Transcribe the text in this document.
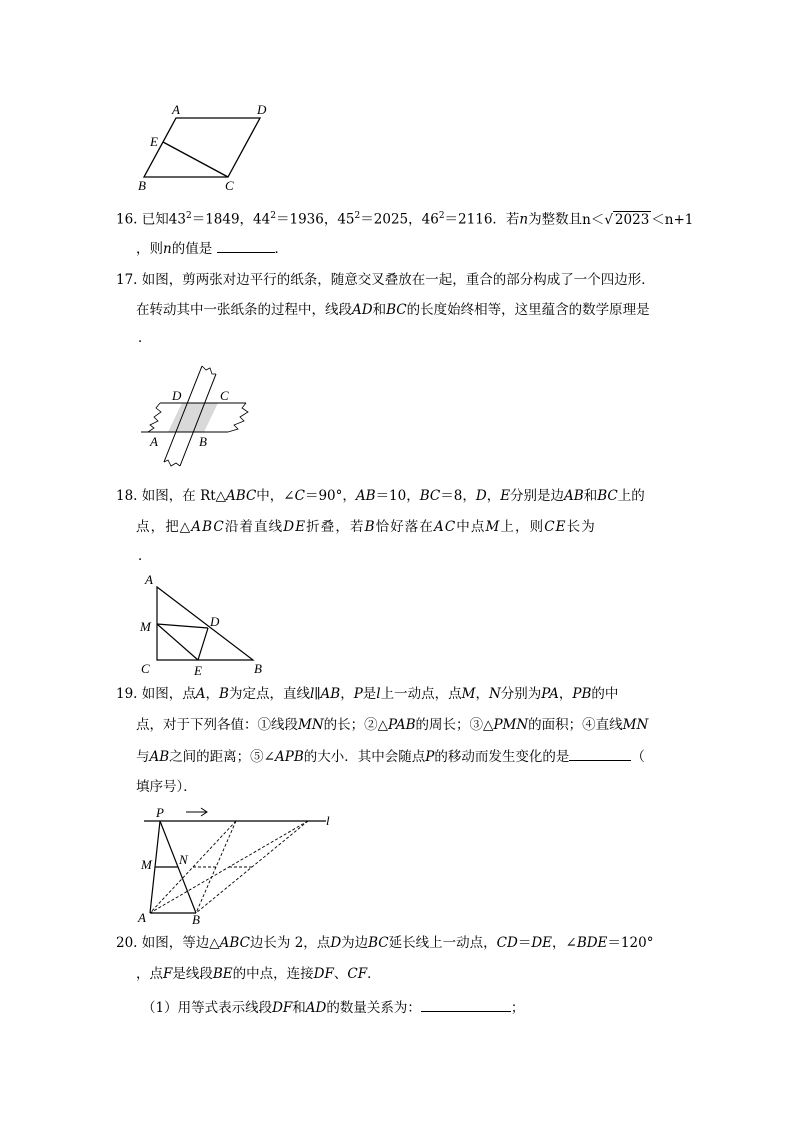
A	D
E
B	C
16. 已知$43^2=1849$，$44^2=1936$，$45^2=2025$，$46^2=2116$．若n为整数且n＜√ 2023 ＜n+1
，则n的值是	．
17. 如图，剪两张对边平行的纸条，随意交叉叠放在一起，重合的部分构成了一个四边形．
在转动其中一张纸条的过程中，线段AD和BC的长度始终相等，这里蕴含的数学原理是
．
D	C
A	B
18. 如图，在 Rt△ABC中，∠C＝90°，AB＝10，BC＝8，D，E分别是边AB和BC上的
点，把△ABC沿着直线DE折叠，若B恰好落在AC中点M上，则CE长为
．
A
M	D
C	E	B
19. 如图，点A，B为定点，直线l∥AB，P是l上一动点，点M，N分别为PA，PB的中
点，对于下列各值：①线段MN的长；②△PAB的周长；③△PMN的面积；④直线MN
与AB之间的距离；⑤∠APB的大小．其中会随点P的移动而发生变化的是	（
填序号）．
P
l
M N
A	B
20. 如图，等边△ABC边长为 2，点D为边BC延长线上一动点，CD＝DE，∠BDE＝120°
，点F是线段BE的中点，连接DF、CF．
（1）用等式表示线段DF和AD的数量关系为：	；
